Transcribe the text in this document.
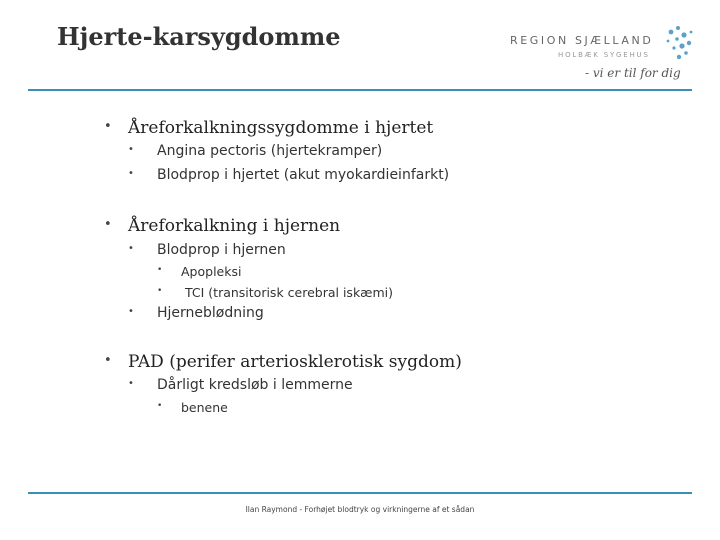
Hjerte-karsygdomme	REGION SJÆLLAND
HOLBÆK SYGEHUS
- vi er til for dig
• Åreforkalkningssygdomme i hjertet
• Angina pectoris (hjertekramper)
• Blodprop i hjertet (akut myokardieinfarkt)
• Åreforkalkning i hjernen
• Blodprop i hjernen
• Apopleksi
• TCI (transitorisk cerebral iskæmi)
• Hjerneblødning
• PAD (perifer arteriosklerotisk sygdom)
• Dårligt kredsløb i lemmerne
• benene
Ilan Raymond - Forhøjet blodtryk og virkningerne af et sådan
